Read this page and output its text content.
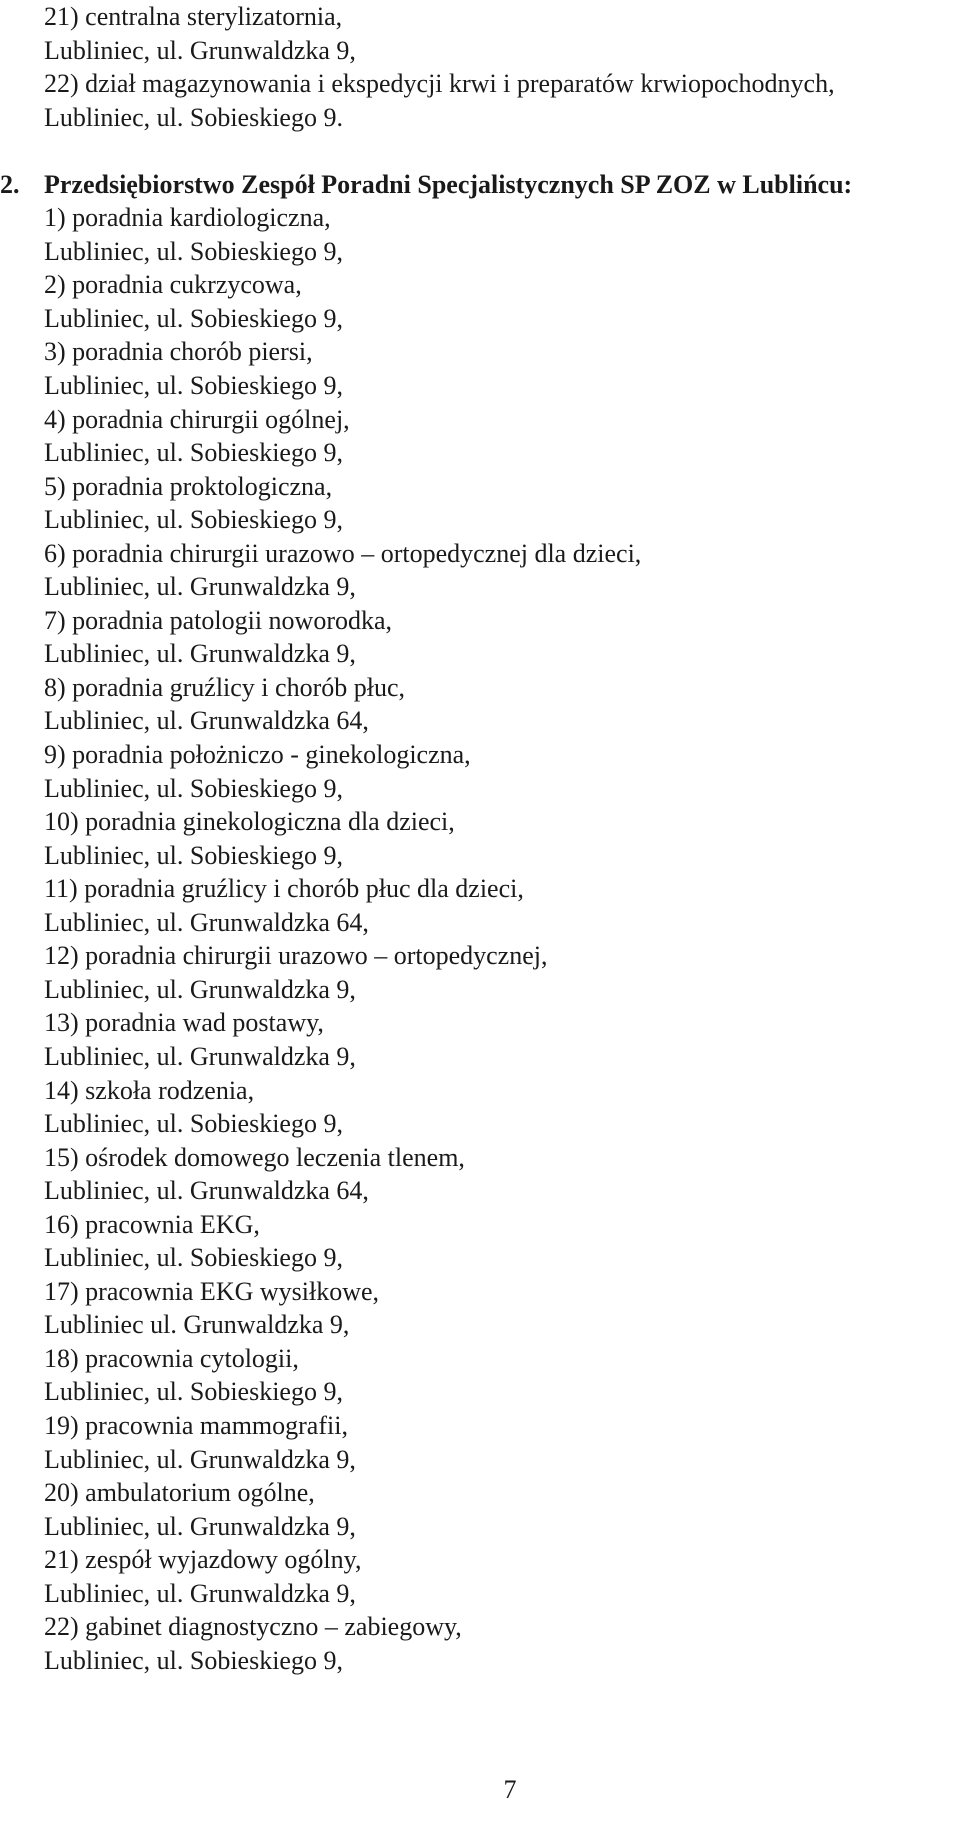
21) centralna sterylizatornia,
Lubliniec, ul. Grunwaldzka 9,
22) dział magazynowania i ekspedycji krwi i preparatów krwiopochodnych,
Lubliniec, ul. Sobieskiego 9.
2. Przedsiębiorstwo Zespół Poradni Specjalistycznych SP ZOZ w Lublińcu:
1) poradnia kardiologiczna,
Lubliniec, ul. Sobieskiego 9,
2) poradnia cukrzycowa,
Lubliniec, ul. Sobieskiego 9,
3) poradnia chorób piersi,
Lubliniec, ul. Sobieskiego 9,
4) poradnia chirurgii ogólnej,
Lubliniec, ul. Sobieskiego 9,
5) poradnia proktologiczna,
Lubliniec, ul. Sobieskiego 9,
6) poradnia chirurgii urazowo – ortopedycznej dla dzieci,
Lubliniec, ul. Grunwaldzka 9,
7) poradnia patologii noworodka,
Lubliniec, ul. Grunwaldzka 9,
8) poradnia gruźlicy i chorób płuc,
Lubliniec, ul. Grunwaldzka 64,
9) poradnia położniczo - ginekologiczna,
Lubliniec, ul. Sobieskiego 9,
10) poradnia ginekologiczna dla dzieci,
Lubliniec, ul. Sobieskiego 9,
11) poradnia gruźlicy i chorób płuc dla dzieci,
Lubliniec, ul. Grunwaldzka 64,
12) poradnia chirurgii urazowo – ortopedycznej,
Lubliniec, ul. Grunwaldzka 9,
13) poradnia wad postawy,
Lubliniec, ul. Grunwaldzka 9,
14) szkoła rodzenia,
Lubliniec, ul. Sobieskiego 9,
15) ośrodek domowego leczenia tlenem,
Lubliniec, ul. Grunwaldzka 64,
16) pracownia EKG,
Lubliniec, ul. Sobieskiego 9,
17) pracownia EKG wysiłkowe,
Lubliniec ul. Grunwaldzka 9,
18) pracownia cytologii,
Lubliniec, ul. Sobieskiego 9,
19) pracownia mammografii,
Lubliniec, ul. Grunwaldzka 9,
20) ambulatorium ogólne,
Lubliniec, ul. Grunwaldzka 9,
21) zespół wyjazdowy ogólny,
Lubliniec, ul. Grunwaldzka 9,
22) gabinet diagnostyczno – zabiegowy,
Lubliniec, ul. Sobieskiego 9,
7
